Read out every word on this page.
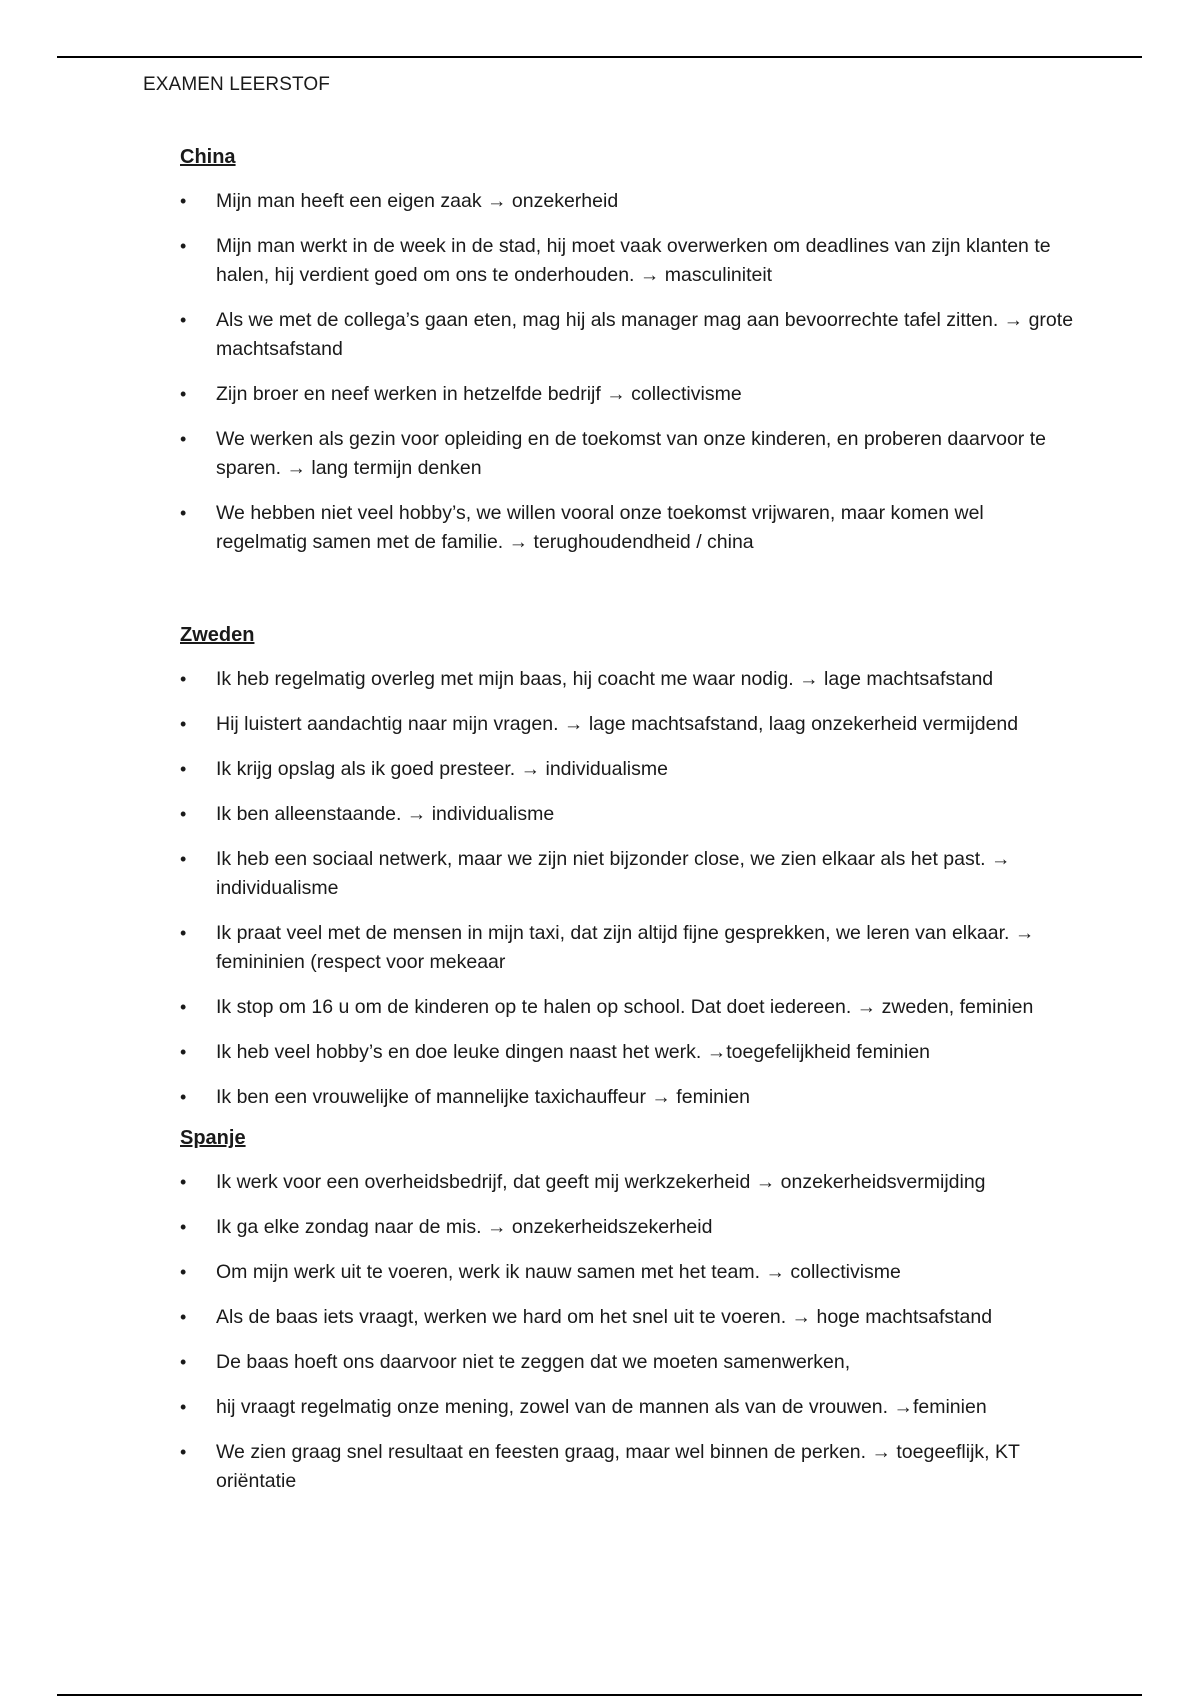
EXAMEN LEERSTOF
China
•	Mijn man heeft een eigen zaak → onzekerheid
•	Mijn man werkt in de week in de stad, hij moet vaak overwerken om deadlines van zijn klanten te halen, hij verdient goed om ons te onderhouden. → masculiniteit
•	Als we met de collega’s gaan eten, mag hij als manager mag aan bevoorrechte tafel zitten. → grote machtsafstand
•	Zijn broer en neef werken in hetzelfde bedrijf → collectivisme
•	We werken als gezin voor opleiding en de toekomst van onze kinderen, en proberen daarvoor te sparen. → lang termijn denken
•	We hebben niet veel hobby’s, we willen vooral onze toekomst vrijwaren, maar komen wel regelmatig samen met de familie. → terughoudendheid / china
Zweden
•	Ik heb regelmatig overleg met mijn baas, hij coacht me waar nodig. → lage machtsafstand
•	Hij luistert aandachtig naar mijn vragen. → lage machtsafstand, laag onzekerheid vermijdend
•	Ik krijg opslag als ik goed presteer. → individualisme
•	Ik ben alleenstaande. → individualisme
•	Ik heb een sociaal netwerk, maar we zijn niet bijzonder close, we zien elkaar als het past. → individualisme
•	Ik praat veel met de mensen in mijn taxi, dat zijn altijd fijne gesprekken, we leren van elkaar. → femininien (respect voor mekeaar
•	Ik stop om 16 u om de kinderen op te halen op school. Dat doet iedereen. → zweden, feminien
•	Ik heb veel hobby’s en doe leuke dingen naast het werk. →toegefelijkheid feminien
•	Ik ben een vrouwelijke of mannelijke taxichauffeur → feminien
Spanje
•	Ik werk voor een overheidsbedrijf, dat geeft mij werkzekerheid → onzekerheidsvermijding
•	Ik ga elke zondag naar de mis. → onzekerheidszekerheid
•	Om mijn werk uit te voeren, werk ik nauw samen met het team. → collectivisme
•	Als de baas iets vraagt, werken we hard om het snel uit te voeren. → hoge machtsafstand
•	De baas hoeft ons daarvoor niet te zeggen dat we moeten samenwerken,
•	hij vraagt regelmatig onze mening, zowel van de mannen als van de vrouwen. →feminien
•	We zien graag snel resultaat en feesten graag, maar wel binnen de perken. → toegeeflijk, KT oriëntatie
